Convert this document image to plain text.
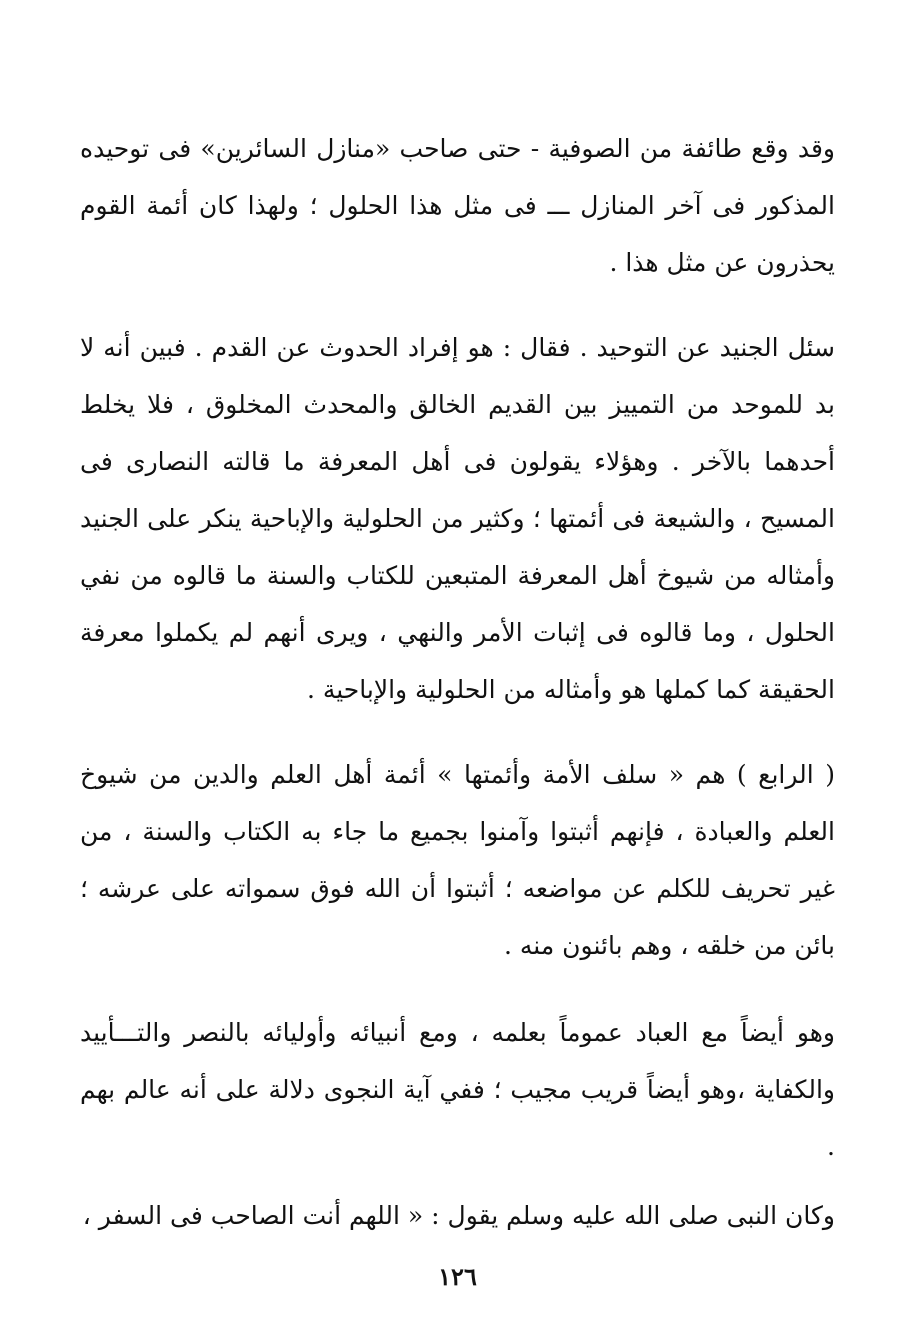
وقد وقع طائفة من الصوفية - حتى صاحب «منازل السائرين» فى توحيده المذكور فى آخر المنازل ـــ فى مثل هذا الحلول ؛ ولهذا كان أئمة القوم يحذرون عن مثل هذا .

سئل الجنيد عن التوحيد . فقال : هو إفراد الحدوث عن القدم . فبين أنه لا بد للموحد من التمييز بين القديم الخالق والمحدث المخلوق ، فلا يخلط أحدهما بالآخر . وهؤلاء يقولون فى أهل المعرفة ما قالته النصارى فى المسيح ، والشيعة فى أئمتها ؛ وكثير من الحلولية والإباحية ينكر على الجنيد وأمثاله من شيوخ أهل المعرفة المتبعين للكتاب والسنة ما قالوه من نفي الحلول ، وما قالوه فى إثبات الأمر والنهي ، ويرى أنهم لم يكملوا معرفة الحقيقة كما كملها هو وأمثاله من الحلولية والإباحية .

( الرابع ) هم « سلف الأمة وأئمتها » أئمة أهل العلم والدين من شيوخ العلم والعبادة ، فإنهم أثبتوا وآمنوا بجميع ما جاء به الكتاب والسنة ، من غير تحريف للكلم عن مواضعه ؛ أثبتوا أن الله فوق سمواته على عرشه ؛ بائن من خلقه ، وهم بائنون منه .

وهو أيضاً مع العباد عموماً بعلمه ، ومع أنبيائه وأوليائه بالنصر والتـــأييد والكفاية ،وهو أيضاً قريب مجيب ؛ ففي آية النجوى دلالة على أنه عالم بهم .

وكان النبى صلى الله عليه وسلم يقول : « اللهم أنت الصاحب فى السفر ،

١٢٦
